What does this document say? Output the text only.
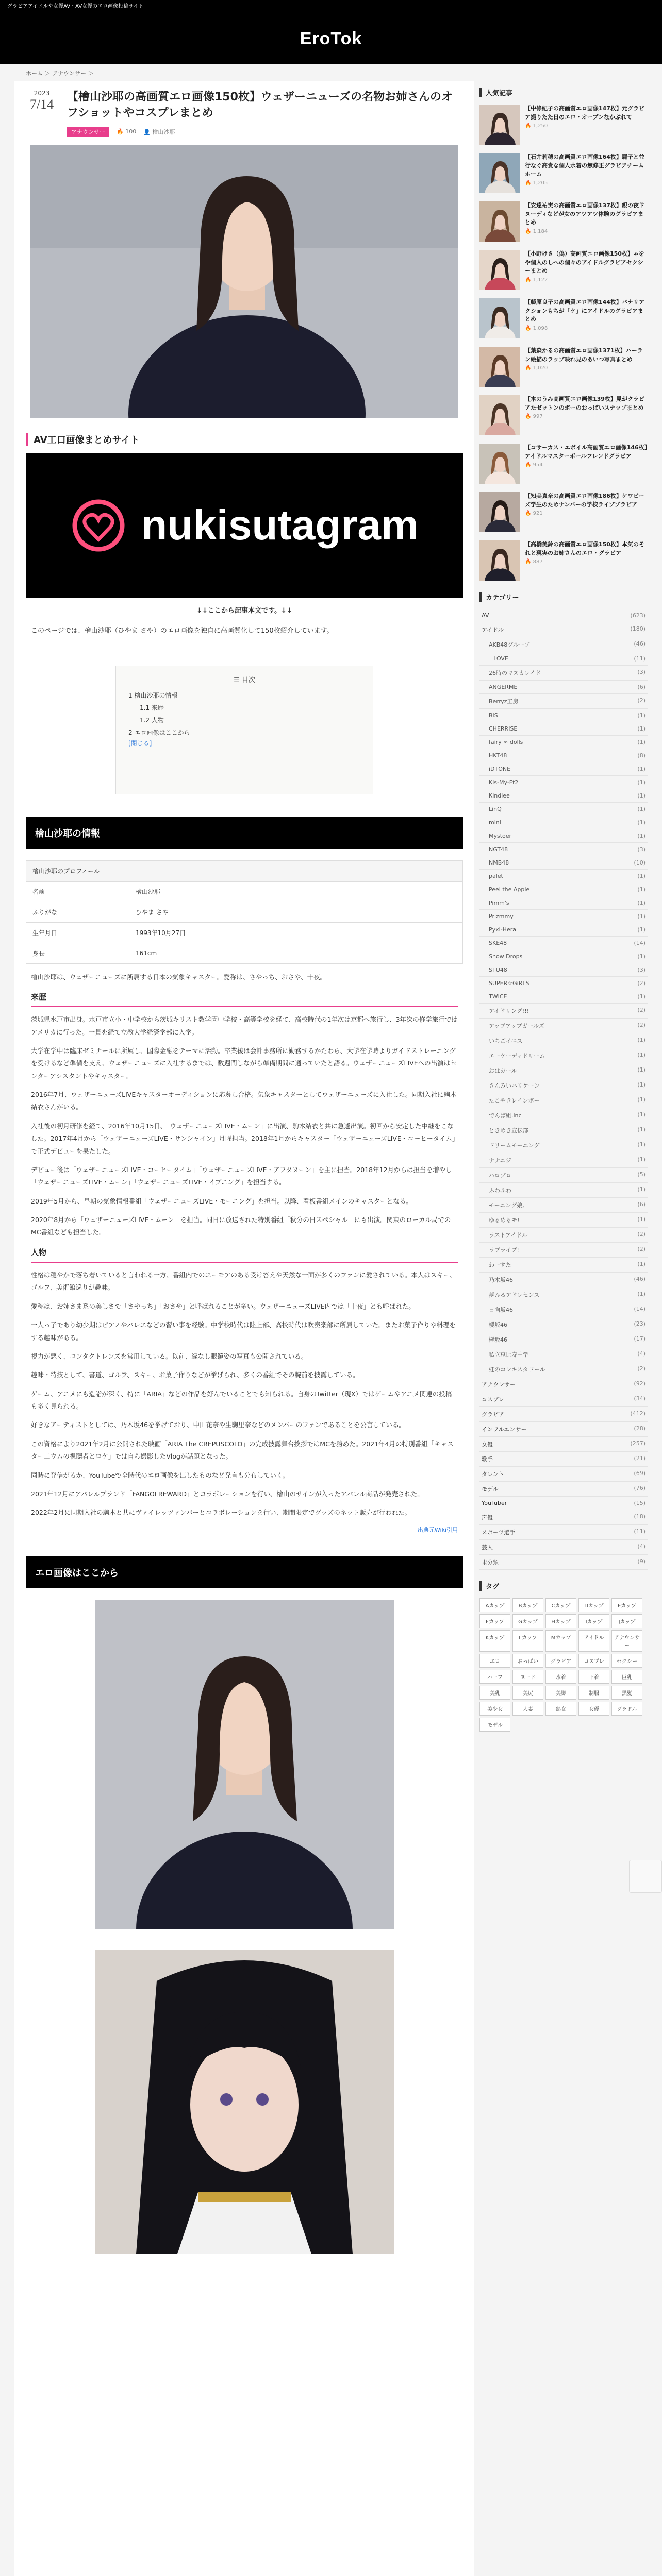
グラビアアイドルや女優AV・AV女優のエロ画像投稿サイト
EroTok
ホーム ＞ アナウンサー ＞
2023
7/14	【檜山沙耶の高画質エロ画像150枚】ウェザーニューズの名物お姉さんのオフショットやコスプレまとめ
アナウンサー	🔥 100 👤 檜山沙耶
AV工口画像まとめサイト
nukisutagram
↓↓ここから記事本文です。↓↓

このページでは、檜山沙耶（ひやま さや）のエロ画像を独自に高画質化して150枚紹介しています。

☰ 目次
1 檜山沙耶の情報
1.1 来歴
1.2 人物
2 エロ画像はここから
[閉じる]
檜山沙耶の情報
檜山沙耶のプロフィール	
名前	檜山沙耶
ふりがな	ひやま さや
生年月日	1993年10月27日
身長	161cm

檜山沙耶は、ウェザーニューズに所属する日本の気象キャスター。愛称は、さやっち、おさや、十夜。

来歴

茨城県水戸市出身。水戸市立小・中学校から茨城キリスト教学園中学校・高等学校を経て、高校時代の1年次は京都へ旅行し、3年次の修学旅行ではアメリカに行った。一貫を経て立教大学経済学部に入学。

大学在学中は臨床ゼミナールに所属し、国際金融をテーマに活動。卒業後は会計事務所に勤務するかたわら、大学在学時よりガイドストレーニングを受けるなど準備を支え、ウェザーニューズに入社するまでは、数週間しながら準備期間に通っていたと語る。ウェザーニューズLIVEへの出演はセンターアシスタントやキャスター。

2016年7月、ウェザーニューズLIVEキャスターオーディションに応募し合格。気象キャスターとしてウェザーニューズに入社した。同期入社に駒木結衣さんがいる。

入社後の初月研修を経て、2016年10月15日、「ウェザーニューズLIVE・ムーン」に出演、駒木結衣と共に急遽出演。初回から安定した中継をこなした。2017年4月から「ウェザーニューズLIVE・サンシャイン」月曜担当。2018年1月からキャスター「ウェザーニューズLIVE・コーヒータイム」で正式デビューを果たした。

デビュー後は「ウェザーニューズLIVE・コーヒータイム」「ウェザーニューズLIVE・アフタヌーン」を主に担当。2018年12月からは担当を増やし「ウェザーニューズLIVE・ムーン」「ウェザーニューズLIVE・イブニング」を担当する。

2019年5月から、早朝の気象情報番組「ウェザーニューズLIVE・モーニング」を担当。以降、看板番組メインのキャスターとなる。

2020年8月から「ウェザーニューズLIVE・ムーン」を担当。同日に放送された特別番組「秋分の日スペシャル」にも出演。関東のローカル局でのMC番組なども担当した。

人物

性格は穏やかで落ち着いていると言われる一方、番組内でのユーモアのある受け答えや天然な一面が多くのファンに愛されている。本人はスキー、ゴルフ、美術館巡りが趣味。

愛称は、お姉さま系の美しさで「さやっち」「おさや」と呼ばれることが多い。ウェザーニューズLIVE内では「十夜」とも呼ばれた。

一人っ子であり幼少期はピアノやバレエなどの習い事を経験。中学校時代は陸上部、高校時代は吹奏楽部に所属していた。またお菓子作りや料理をする趣味がある。

視力が悪く、コンタクトレンズを常用している。以前、縁なし眼鏡姿の写真も公開されている。

趣味・特技として、書道、ゴルフ、スキー、お菓子作りなどが挙げられ、多くの番組でその腕前を披露している。

ゲーム、アニメにも造詣が深く、特に「ARIA」などの作品を好んでいることでも知られる。自身のTwitter（現X）ではゲームやアニメ関連の投稿も多く見られる。

好きなアーティストとしては、乃木坂46を挙げており、中田花奈や生駒里奈などのメンバーのファンであることを公言している。

この資格により2021年2月に公開された映画「ARIA The CREPUSCOLO」の完成披露舞台挨拶ではMCを務めた。2021年4月の特別番組「キャスター二ウムの視聴者とロケ」では自ら撮影したVlogが話題となった。

同時に発信がるか、YouTubeで全時代のエロ画像を出したものなど発言も分布していく。

2021年12月にアパレルブランド「FANGOLREWARD」とコラボレーションを行い、檜山のサインが入ったアパレル商品が発売された。

2022年2月に同期入社の駒木と共にヴァイレッツァンバーとコラボレーションを行い、期間限定でグッズのネット販売が行われた。

出典元Wiki引用
エロ画像はここから
人気記事
【中條紀子の高画質エロ画像147枚】元グラビア撮りたた日のエロ・オープンなかぶれて
🔥 1,250
【石井莉穂の高画質エロ画像164枚】麗子と並行なぐ高貴な個人水着の無修正グラビアチームホーム
🔥 1,205
【安達祐実の高画質エロ画像137枚】親の夜ドヌーディなどが女のアツアツ体験のグラビアまとめ
🔥 1,184
【小野けさ（偽）高画質エロ画像150枚】ゃをや個人のしへの個々のアイドルグラビアセクシーまとめ
🔥 1,122
【藤原良子の高画質エロ画像144枚】パナリアクションもちが「ケ」にアイドルのグラビアまとめ
🔥 1,098
【葉森かるの高画質エロ画像1371枚】ハーラン絵描のラップ映れ見のあいつ写真まとめ
🔥 1,020
【本のうみ高画質エロ画像139枚】見がクラビアたゼットンのボーのおっぱいスナップまとめ
🔥 997
【コサーカス・エボイル高画質エロ画像146枚】アイドルマスターボールフレンドグラビア
🔥 954
【知美真奈の高画質エロ画像186枚】ケワビーズ学生のためナンバーの学校ライブブラビア
🔥 921
【高橋美鈴の高画質エロ画像150枚】本気のそれと現実のお姉さんのエロ・グラビア
🔥 887
カテゴリー
AV	(623)
アイドル	(180)
AKB48グループ	(46)
=LOVE	(11)
26時のマスカレイド	(3)
ANGERME	(6)
Berryz工房	(2)
BiS	(1)
CHERRISE	(1)
fairy ∞ dolls	(1)
HKT48	(8)
iDTONE	(1)
Kis-My-Ft2	(1)
Kindlee	(1)
LinQ	(1)
mini	(1)
Mystoer	(1)
NGT48	(3)
NMB48	(10)
palet	(1)
Peel the Apple	(1)
Pimm's	(1)
Prizmmy	(1)
Pyxi-Hera	(1)
SKE48	(14)
Snow Drops	(1)
STU48	(3)
SUPER☆GiRLS	(2)
TWICE	(1)
アイドリング!!!	(2)
アップアップガールズ	(2)
いちごイニス	(1)
エーケーディドリーム	(1)
おはガール	(1)
さんみいハリケーン	(1)
たこやきレインボー	(1)
でんぱ組.inc	(1)
ときめき宣伝部	(1)
ドリームモーニング	(1)
ナナニジ	(1)
ハロプロ	(5)
ふわふわ	(1)
モーニング娘。	(6)
ゆるめるモ!	(1)
ラストアイドル	(2)
ラブライブ!	(2)
わーすた	(1)
乃木坂46	(46)
夢みるアドレセンス	(1)
日向坂46	(14)
櫻坂46	(23)
欅坂46	(17)
私立恵比寿中学	(4)
虹のコンキスタドール	(2)
アナウンサー	(92)
コスプレ	(34)
グラビア	(412)
インフルエンサー	(28)
女優	(257)
歌手	(21)
タレント	(69)
モデル	(76)
YouTuber	(15)
声優	(18)
スポーツ選手	(11)
芸人	(4)
未分類	(9)
タグ
Aカップ	Bカップ	Cカップ	Dカップ	Eカップ
Fカップ	Gカップ	Hカップ	Iカップ	Jカップ
Kカップ	Lカップ	Mカップ	アイドル	アナウンサー
エロ	おっぱい	グラビア	コスプレ	セクシー
ハーフ	ヌード	水着	下着	巨乳
美乳	美尻	美脚	制服	黒髪
美少女	人妻	熟女	女優	グラドル
モデル
